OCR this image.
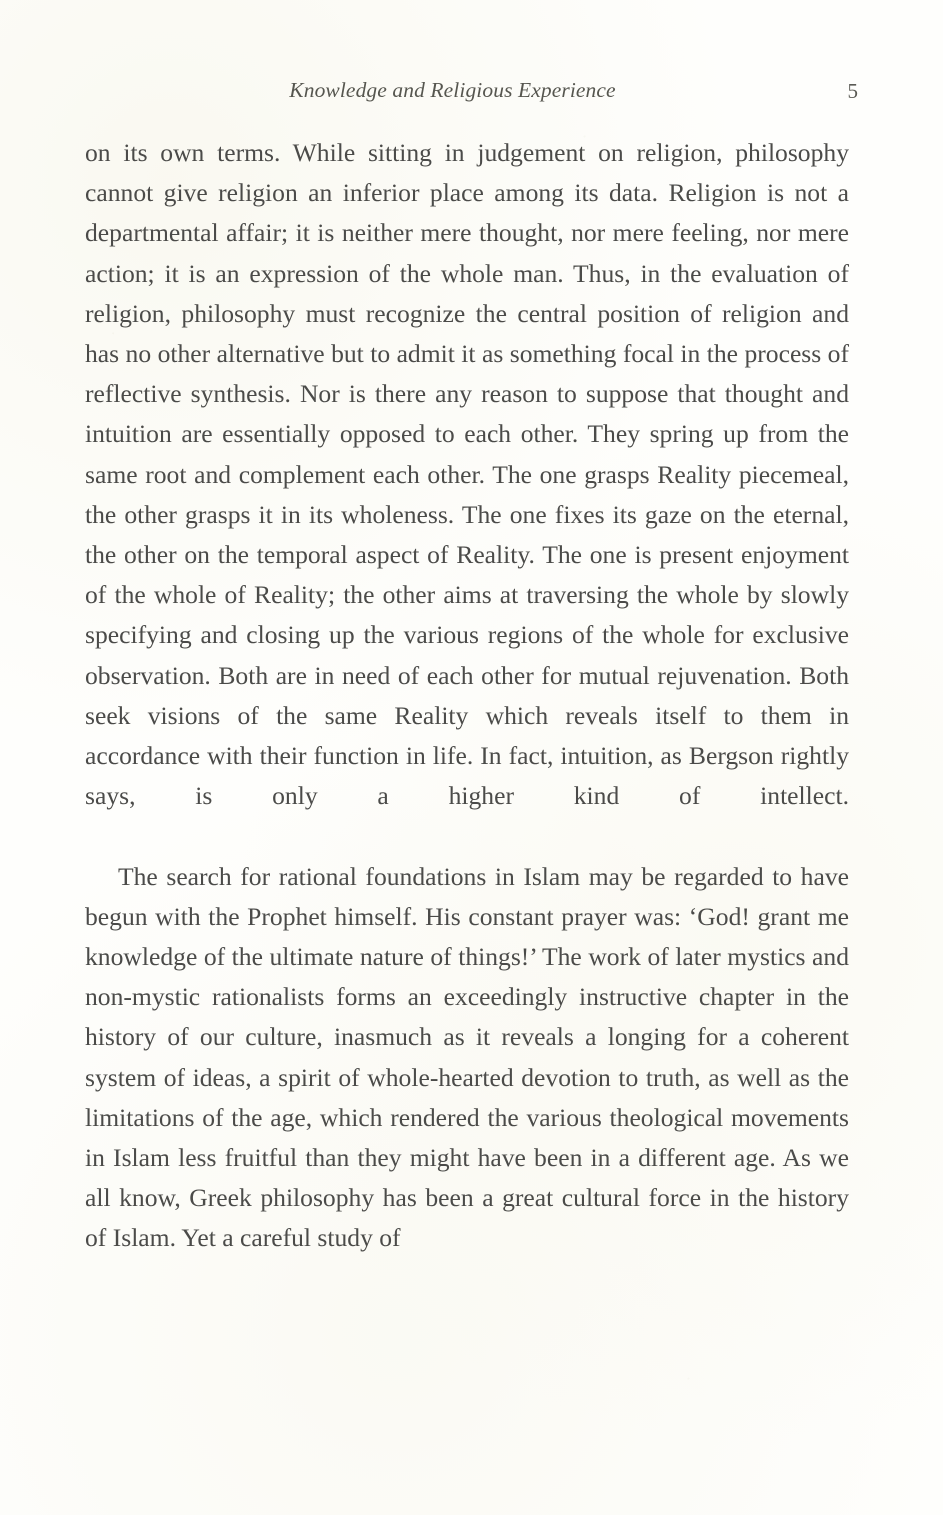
Knowledge and Religious Experience	5

on its own terms. While sitting in judgement on religion, philosophy cannot give religion an inferior place among its data. Religion is not a departmental affair; it is neither mere thought, nor mere feeling, nor mere action; it is an expression of the whole man. Thus, in the evaluation of religion, philosophy must recognize the central position of religion and has no other alternative but to admit it as something focal in the process of reflective synthesis. Nor is there any reason to suppose that thought and intuition are essentially opposed to each other. They spring up from the same root and complement each other. The one grasps Reality piecemeal, the other grasps it in its wholeness. The one fixes its gaze on the eternal, the other on the temporal aspect of Reality. The one is present enjoyment of the whole of Reality; the other aims at traversing the whole by slowly specifying and closing up the various regions of the whole for exclusive observation. Both are in need of each other for mutual rejuvenation. Both seek visions of the same Reality which reveals itself to them in accordance with their function in life. In fact, intuition, as Bergson rightly says, is only a higher kind of intellect.

The search for rational foundations in Islam may be regarded to have begun with the Prophet himself. His constant prayer was: ‘God! grant me knowledge of the ultimate nature of things!’ The work of later mystics and non-mystic rationalists forms an exceedingly instructive chapter in the history of our culture, inasmuch as it reveals a longing for a coherent system of ideas, a spirit of whole-hearted devotion to truth, as well as the limitations of the age, which rendered the various theological movements in Islam less fruitful than they might have been in a different age. As we all know, Greek philosophy has been a great cultural force in the history of Islam. Yet a careful study of
